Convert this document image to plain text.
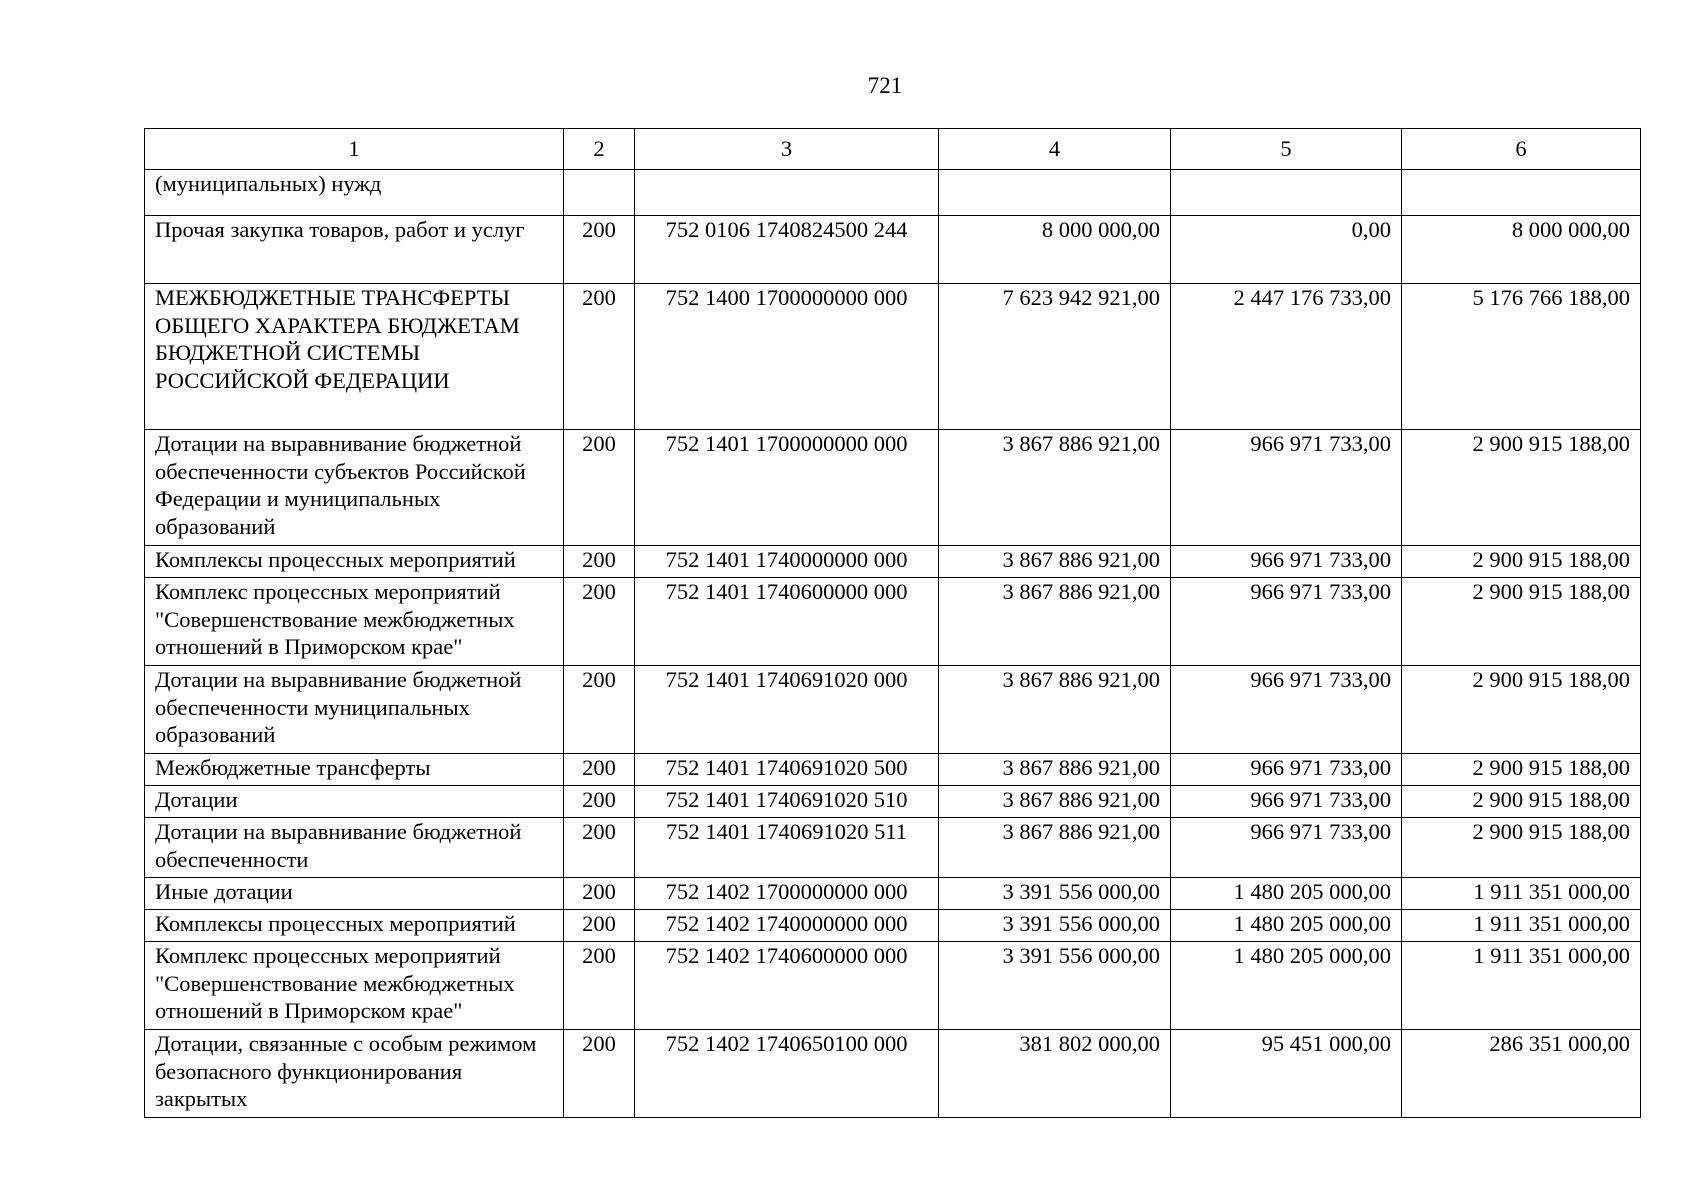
721
1	2	3	4	5	6
(муниципальных) нужд					
Прочая закупка товаров, работ и услуг	200	752 0106 1740824500 244	8 000 000,00	0,00	8 000 000,00
МЕЖБЮДЖЕТНЫЕ ТРАНСФЕРТЫ ОБЩЕГО ХАРАКТЕРА БЮДЖЕТАМ БЮДЖЕТНОЙ СИСТЕМЫ РОССИЙСКОЙ ФЕДЕРАЦИИ	200	752 1400 1700000000 000	7 623 942 921,00	2 447 176 733,00	5 176 766 188,00
Дотации на выравнивание бюджетной обеспеченности субъектов Российской Федерации и муниципальных образований	200	752 1401 1700000000 000	3 867 886 921,00	966 971 733,00	2 900 915 188,00
Комплексы процессных мероприятий	200	752 1401 1740000000 000	3 867 886 921,00	966 971 733,00	2 900 915 188,00
Комплекс процессных мероприятий "Совершенствование межбюджетных отношений в Приморском крае"	200	752 1401 1740600000 000	3 867 886 921,00	966 971 733,00	2 900 915 188,00
Дотации на выравнивание бюджетной обеспеченности муниципальных образований	200	752 1401 1740691020 000	3 867 886 921,00	966 971 733,00	2 900 915 188,00
Межбюджетные трансферты	200	752 1401 1740691020 500	3 867 886 921,00	966 971 733,00	2 900 915 188,00
Дотации	200	752 1401 1740691020 510	3 867 886 921,00	966 971 733,00	2 900 915 188,00
Дотации на выравнивание бюджетной обеспеченности	200	752 1401 1740691020 511	3 867 886 921,00	966 971 733,00	2 900 915 188,00
Иные дотации	200	752 1402 1700000000 000	3 391 556 000,00	1 480 205 000,00	1 911 351 000,00
Комплексы процессных мероприятий	200	752 1402 1740000000 000	3 391 556 000,00	1 480 205 000,00	1 911 351 000,00
Комплекс процессных мероприятий "Совершенствование межбюджетных отношений в Приморском крае"	200	752 1402 1740600000 000	3 391 556 000,00	1 480 205 000,00	1 911 351 000,00
Дотации, связанные с особым режимом безопасного функционирования закрытых	200	752 1402 1740650100 000	381 802 000,00	95 451 000,00	286 351 000,00
